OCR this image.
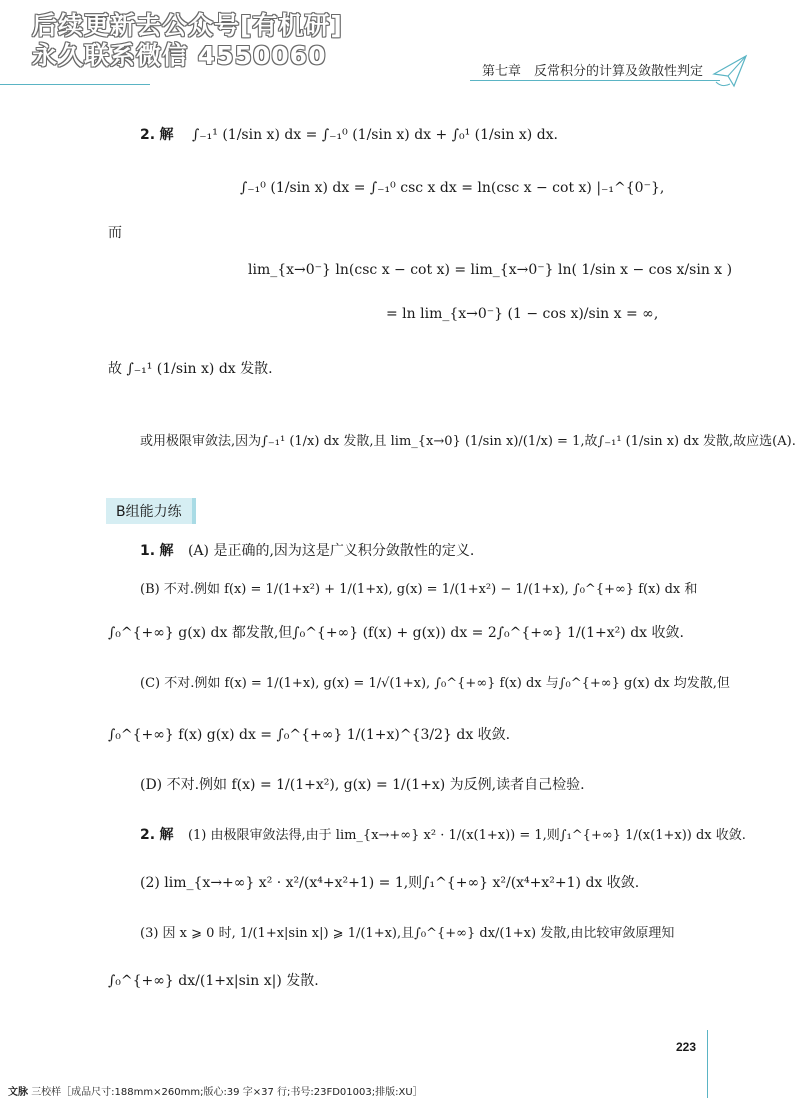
后续更新去公众号[有机研]
永久联系微信 4550060
第七章　反常积分的计算及敛散性判定
2. 解 ∫₋₁¹ (1/sin x) dx = ∫₋₁⁰ (1/sin x) dx + ∫₀¹ (1/sin x) dx.
∫₋₁⁰ (1/sin x) dx = ∫₋₁⁰ csc x dx = ln(csc x − cot x) |₋₁^{0⁻},
而
lim_{x→0⁻} ln(csc x − cot x) = lim_{x→0⁻} ln( 1/sin x − cos x/sin x )
= ln lim_{x→0⁻} (1 − cos x)/sin x = ∞,
故 ∫₋₁¹ (1/sin x) dx 发散.
或用极限审敛法,因为∫₋₁¹ (1/x) dx 发散,且 lim_{x→0} (1/sin x)/(1/x) = 1,故∫₋₁¹ (1/sin x) dx 发散,故应选(A).
B组能力练
1. 解 (A) 是正确的,因为这是广义积分敛散性的定义.
(B) 不对.例如 f(x) = 1/(1+x²) + 1/(1+x), g(x) = 1/(1+x²) − 1/(1+x), ∫₀^{+∞} f(x) dx 和
∫₀^{+∞} g(x) dx 都发散,但∫₀^{+∞} (f(x) + g(x)) dx = 2∫₀^{+∞} 1/(1+x²) dx 收敛.
(C) 不对.例如 f(x) = 1/(1+x), g(x) = 1/√(1+x), ∫₀^{+∞} f(x) dx 与∫₀^{+∞} g(x) dx 均发散,但
∫₀^{+∞} f(x) g(x) dx = ∫₀^{+∞} 1/(1+x)^{3/2} dx 收敛.
(D) 不对.例如 f(x) = 1/(1+x²), g(x) = 1/(1+x) 为反例,读者自己检验.
2. 解 (1) 由极限审敛法得,由于 lim_{x→+∞} x² · 1/(x(1+x)) = 1,则∫₁^{+∞} 1/(x(1+x)) dx 收敛.
(2) lim_{x→+∞} x² · x²/(x⁴+x²+1) = 1,则∫₁^{+∞} x²/(x⁴+x²+1) dx 收敛.
(3) 因 x ⩾ 0 时, 1/(1+x|sin x|) ⩾ 1/(1+x),且∫₀^{+∞} dx/(1+x) 发散,由比较审敛原理知
∫₀^{+∞} dx/(1+x|sin x|) 发散.
223
文脉 三校样［成品尺寸:188mm×260mm;版心:39 字×37 行;书号:23FD01003;排版:XU］
